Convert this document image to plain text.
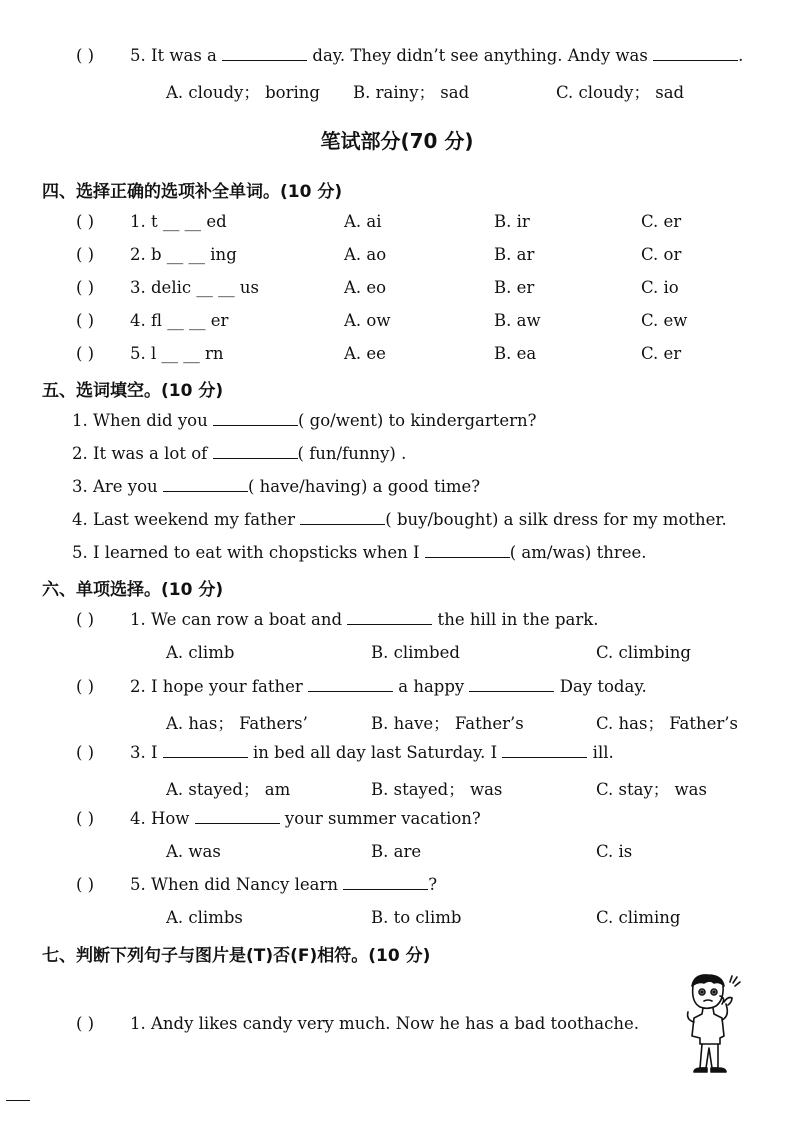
( ) 5. It was a	day. They didn’t see anything. Andy was	.
A. cloudy； boring B. rainy； sad	C. cloudy； sad
笔试部分(70 分)
四、选择正确的选项补全单词。(10 分)
( ) 1. t __ __ ed	A. ai	B. ir	C. er
( ) 2. b __ __ ing	A. ao	B. ar	C. or
( ) 3. delic __ __ us	A. eo	B. er	C. io
( ) 4. fl __ __ er	A. ow	B. aw	C. ew
( ) 5. l __ __ rn	A. ee	B. ea	C. er
五、选词填空。(10 分)
1. When did you	( go/went) to kindergartern?
2. It was a lot of	( fun/funny) .
3. Are you	( have/having) a good time?
4. Last weekend my father	( buy/bought) a silk dress for my mother.
5. I learned to eat with chopsticks when I	( am/was) three.
六、单项选择。(10 分)
( ) 1. We can row a boat and	the hill in the park.
A. climb	B. climbed	C. climbing
( ) 2. I hope your father	a happy	Day today.
A. has； Fathers’	B. have； Father’s	C. has； Father’s
( ) 3. I	in bed all day last Saturday. I	ill.
A. stayed； am	B. stayed； was	C. stay； was
( ) 4. How	your summer vacation?
A. was	B. are	C. is
( ) 5. When did Nancy learn	?
A. climbs	B. to climb	C. climing
七、判断下列句子与图片是(T)否(F)相符。(10 分)
( ) 1. Andy likes candy very much. Now he has a bad toothache.
